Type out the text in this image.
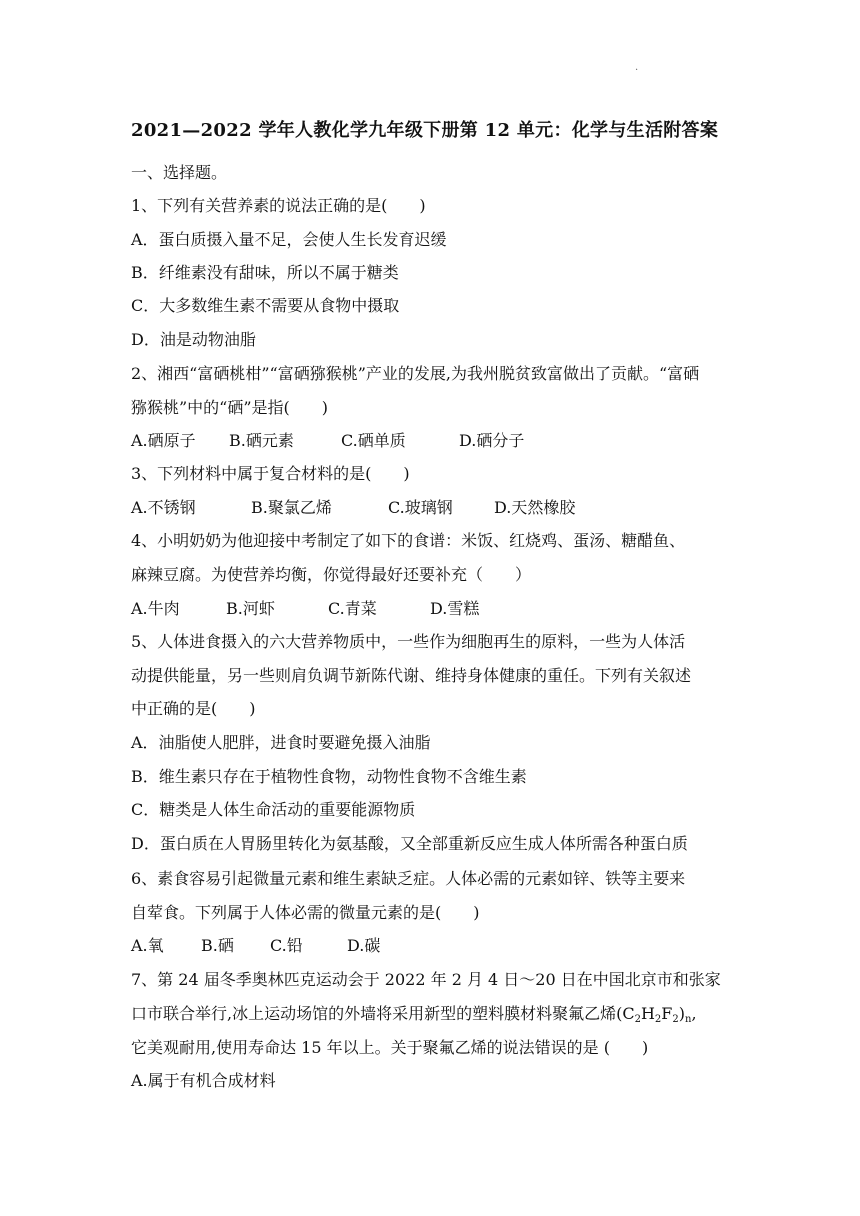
.
2021—2022 学年人教化学九年级下册第 12 单元：化学与生活附答案
一、选择题。
1、下列有关营养素的说法正确的是(　　)
A．蛋白质摄入量不足，会使人生长发育迟缓
B．纤维素没有甜味，所以不属于糖类
C．大多数维生素不需要从食物中摄取
D．油是动物油脂
2、湘西“富硒桃柑”“富硒猕猴桃”产业的发展,为我州脱贫致富做出了贡献。“富硒
猕猴桃”中的“硒”是指(　　)
A.硒原子 B.硒元素	C.硒单质	D.硒分子
3、下列材料中属于复合材料的是(　　)
A.不锈钢	B.聚氯乙烯	C.玻璃钢	D.天然橡胶
4、小明奶奶为他迎接中考制定了如下的食谱：米饭、红烧鸡、蛋汤、糖醋鱼、
麻辣豆腐。为使营养均衡，你觉得最好还要补充（　　）
A.牛肉	B.河虾	C.青菜	D.雪糕
5、人体进食摄入的六大营养物质中，一些作为细胞再生的原料，一些为人体活
动提供能量，另一些则肩负调节新陈代谢、维持身体健康的重任。下列有关叙述
中正确的是(　　)
A．油脂使人肥胖，进食时要避免摄入油脂
B．维生素只存在于植物性食物，动物性食物不含维生素
C．糖类是人体生命活动的重要能源物质
D．蛋白质在人胃肠里转化为氨基酸，又全部重新反应生成人体所需各种蛋白质
6、素食容易引起微量元素和维生素缺乏症。人体必需的元素如锌、铁等主要来
自荤食。下列属于人体必需的微量元素的是(　　)
A.氧 B.硒 C.铅	D.碳
7、第 24 届冬季奥林匹克运动会于 2022 年 2 月 4 日～20 日在中国北京市和张家
口市联合举行,冰上运动场馆的外墙将采用新型的塑料膜材料聚氟乙烯$(C_2H_2F_2)_n$,
它美观耐用,使用寿命达 15 年以上。关于聚氟乙烯的说法错误的是 (　　)
A.属于有机合成材料
